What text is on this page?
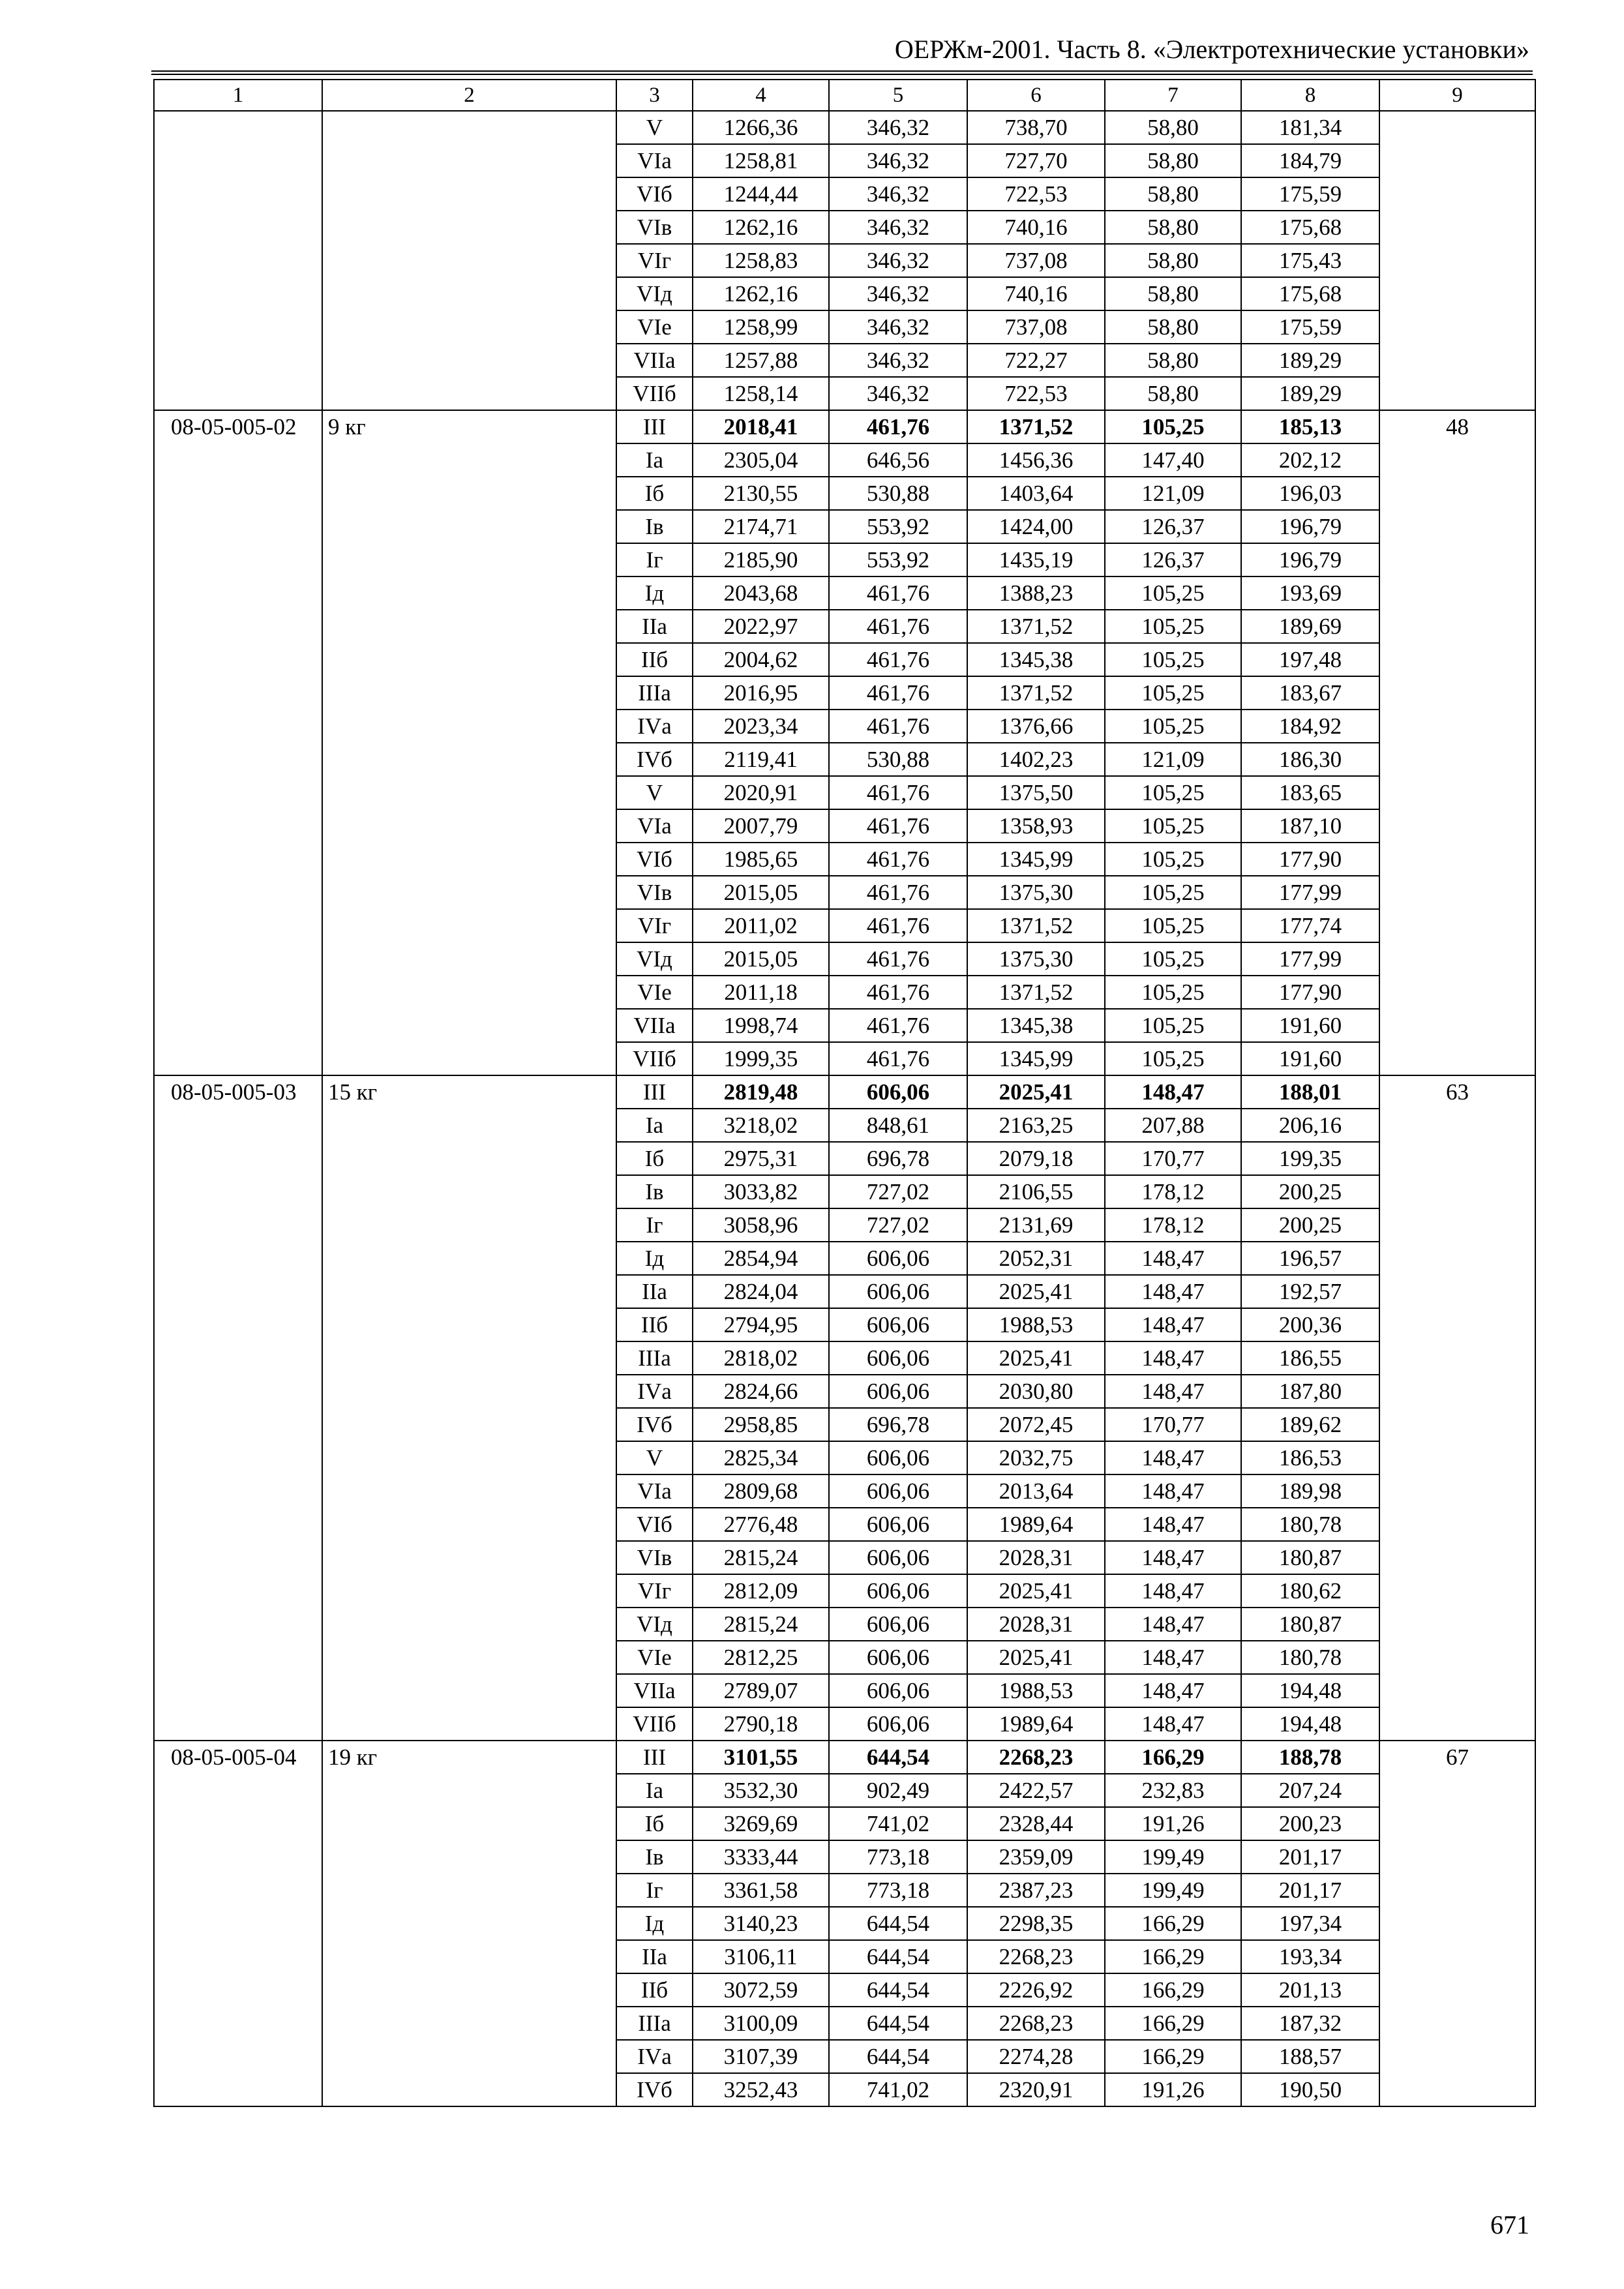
ОЕРЖм-2001. Часть 8. «Электротехнические установки»
1	2	3	4	5	6	7	8	9
		V	1266,36	346,32	738,70	58,80	181,34	
		VIа	1258,81	346,32	727,70	58,80	184,79	
		VIб	1244,44	346,32	722,53	58,80	175,59	
		VIв	1262,16	346,32	740,16	58,80	175,68	
		VIг	1258,83	346,32	737,08	58,80	175,43	
		VIд	1262,16	346,32	740,16	58,80	175,68	
		VIе	1258,99	346,32	737,08	58,80	175,59	
		VIIа	1257,88	346,32	722,27	58,80	189,29	
		VIIб	1258,14	346,32	722,53	58,80	189,29	
08-05-005-02	9 кг	III	2018,41	461,76	1371,52	105,25	185,13	48
		Iа	2305,04	646,56	1456,36	147,40	202,12	
		Iб	2130,55	530,88	1403,64	121,09	196,03	
		Iв	2174,71	553,92	1424,00	126,37	196,79	
		Iг	2185,90	553,92	1435,19	126,37	196,79	
		Iд	2043,68	461,76	1388,23	105,25	193,69	
		IIа	2022,97	461,76	1371,52	105,25	189,69	
		IIб	2004,62	461,76	1345,38	105,25	197,48	
		IIIа	2016,95	461,76	1371,52	105,25	183,67	
		IVа	2023,34	461,76	1376,66	105,25	184,92	
		IVб	2119,41	530,88	1402,23	121,09	186,30	
		V	2020,91	461,76	1375,50	105,25	183,65	
		VIа	2007,79	461,76	1358,93	105,25	187,10	
		VIб	1985,65	461,76	1345,99	105,25	177,90	
		VIв	2015,05	461,76	1375,30	105,25	177,99	
		VIг	2011,02	461,76	1371,52	105,25	177,74	
		VIд	2015,05	461,76	1375,30	105,25	177,99	
		VIе	2011,18	461,76	1371,52	105,25	177,90	
		VIIа	1998,74	461,76	1345,38	105,25	191,60	
		VIIб	1999,35	461,76	1345,99	105,25	191,60	
08-05-005-03	15 кг	III	2819,48	606,06	2025,41	148,47	188,01	63
		Iа	3218,02	848,61	2163,25	207,88	206,16	
		Iб	2975,31	696,78	2079,18	170,77	199,35	
		Iв	3033,82	727,02	2106,55	178,12	200,25	
		Iг	3058,96	727,02	2131,69	178,12	200,25	
		Iд	2854,94	606,06	2052,31	148,47	196,57	
		IIа	2824,04	606,06	2025,41	148,47	192,57	
		IIб	2794,95	606,06	1988,53	148,47	200,36	
		IIIа	2818,02	606,06	2025,41	148,47	186,55	
		IVа	2824,66	606,06	2030,80	148,47	187,80	
		IVб	2958,85	696,78	2072,45	170,77	189,62	
		V	2825,34	606,06	2032,75	148,47	186,53	
		VIа	2809,68	606,06	2013,64	148,47	189,98	
		VIб	2776,48	606,06	1989,64	148,47	180,78	
		VIв	2815,24	606,06	2028,31	148,47	180,87	
		VIг	2812,09	606,06	2025,41	148,47	180,62	
		VIд	2815,24	606,06	2028,31	148,47	180,87	
		VIе	2812,25	606,06	2025,41	148,47	180,78	
		VIIа	2789,07	606,06	1988,53	148,47	194,48	
		VIIб	2790,18	606,06	1989,64	148,47	194,48	
08-05-005-04	19 кг	III	3101,55	644,54	2268,23	166,29	188,78	67
		Iа	3532,30	902,49	2422,57	232,83	207,24	
		Iб	3269,69	741,02	2328,44	191,26	200,23	
		Iв	3333,44	773,18	2359,09	199,49	201,17	
		Iг	3361,58	773,18	2387,23	199,49	201,17	
		Iд	3140,23	644,54	2298,35	166,29	197,34	
		IIа	3106,11	644,54	2268,23	166,29	193,34	
		IIб	3072,59	644,54	2226,92	166,29	201,13	
		IIIа	3100,09	644,54	2268,23	166,29	187,32	
		IVа	3107,39	644,54	2274,28	166,29	188,57	
		IVб	3252,43	741,02	2320,91	191,26	190,50	
671
